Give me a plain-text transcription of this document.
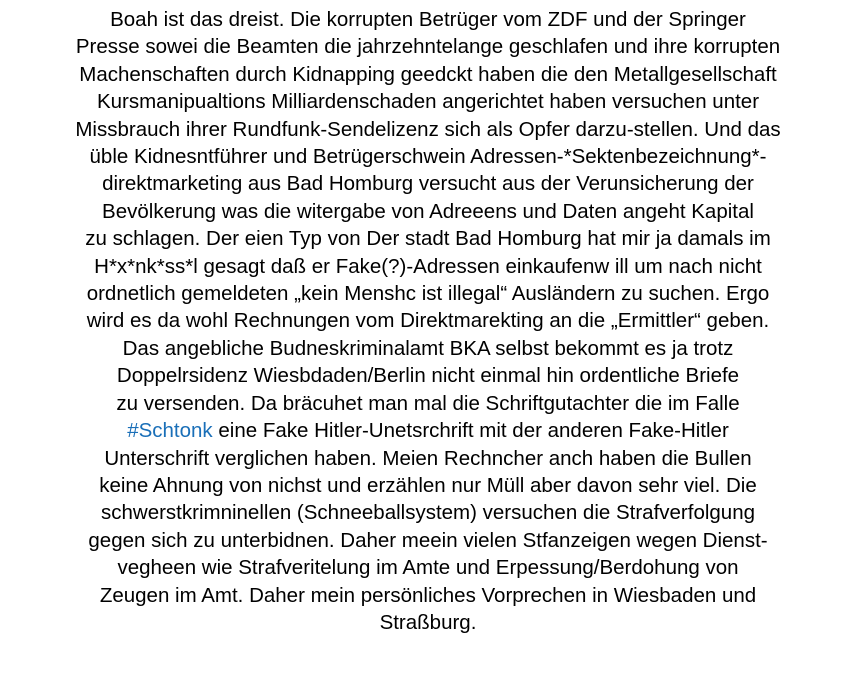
Boah ist das dreist. Die korrupten Betrüger vom ZDF und der Springer
Presse sowei die Beamten die jahrzehntelange geschlafen und ihre korrupten
Machenschaften durch Kidnapping geedckt haben die den Metallgesellschaft
Kursmanipualtions Milliardenschaden angerichtet haben versuchen unter
Missbrauch ihrer Rundfunk-Sendelizenz sich als Opfer darzu-stellen. Und das
üble Kidnesntführer und Betrügerschwein Adressen-*Sektenbezeichnung*-
direktmarketing aus Bad Homburg versucht aus der Verunsicherung der
Bevölkerung was die witergabe von Adreeens und Daten angeht Kapital
zu schlagen. Der eien Typ von Der stadt Bad Homburg hat mir ja damals im
H*x*nk*ss*l gesagt daß er Fake(?)-Adressen einkaufenw ill um nach nicht
ordnetlich gemeldeten „kein Menshc ist illegal“ Ausländern zu suchen. Ergo
wird es da wohl Rechnungen vom Direktmarekting an die „Ermittler“ geben.
Das angebliche Budneskriminalamt BKA selbst bekommt es ja trotz
Doppelrsidenz Wiesbdaden/Berlin nicht einmal hin ordentliche Briefe
zu versenden. Da bräcuhet man mal die Schriftgutachter die im Falle
#Schtonk eine Fake Hitler-Unetsrchrift mit der anderen Fake-Hitler
Unterschrift verglichen haben. Meien Rechncher anch haben die Bullen
keine Ahnung von nichst und erzählen nur Müll aber davon sehr viel. Die
schwerstkrimninellen (Schneeballsystem) versuchen die Strafverfolgung
gegen sich zu unterbidnen. Daher meein vielen Stfanzeigen wegen Dienst-
vegheen wie Strafveritelung im Amte und Erpessung/Berdohung von
Zeugen im Amt. Daher mein persönliches Vorprechen in Wiesbaden und
Straßburg.
